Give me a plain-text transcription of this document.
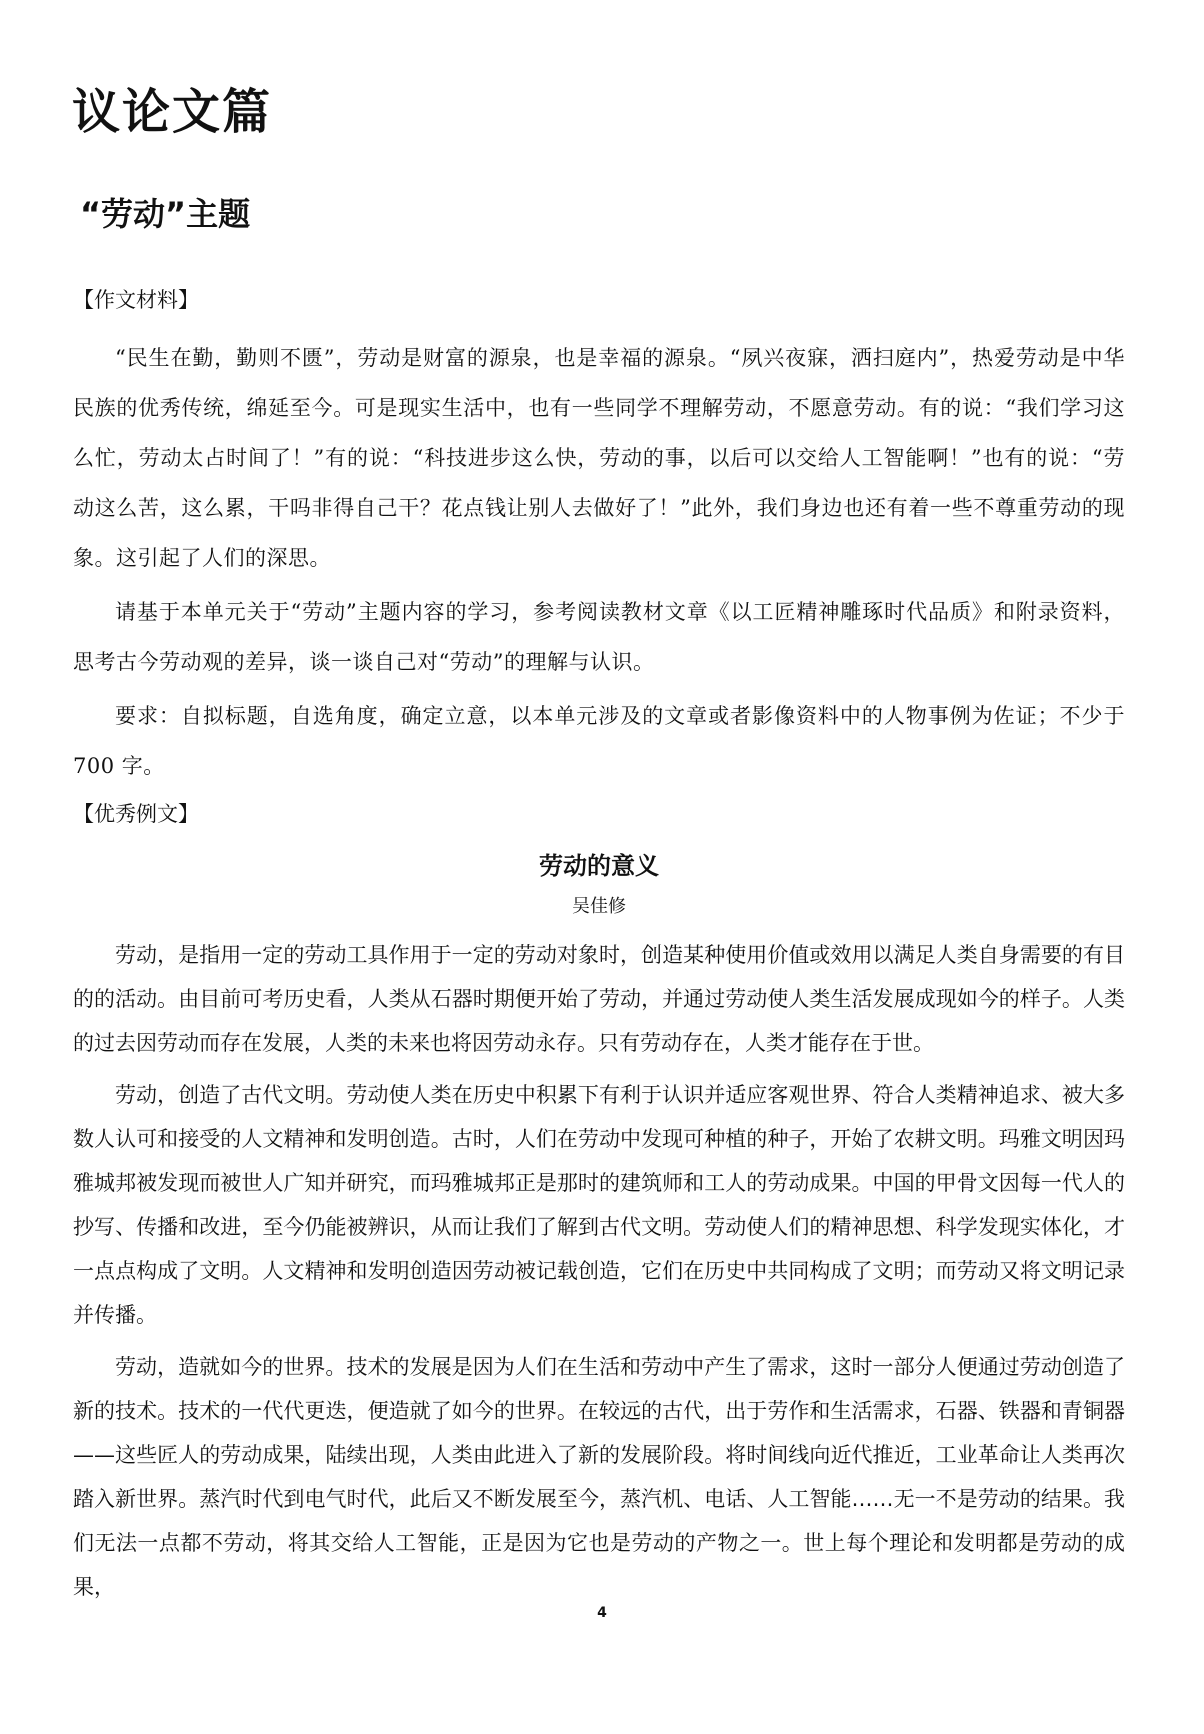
议论文篇
“劳动”主题

【作文材料】

“民生在勤，勤则不匮”，劳动是财富的源泉，也是幸福的源泉。“夙兴夜寐，洒扫庭内”，热爱劳动是中华民族的优秀传统，绵延至今。可是现实生活中，也有一些同学不理解劳动，不愿意劳动。有的说：“我们学习这么忙，劳动太占时间了！”有的说：“科技进步这么快，劳动的事，以后可以交给人工智能啊！”也有的说：“劳动这么苦，这么累，干吗非得自己干？花点钱让别人去做好了！”此外，我们身边也还有着一些不尊重劳动的现象。这引起了人们的深思。

请基于本单元关于“劳动”主题内容的学习，参考阅读教材文章《以工匠精神雕琢时代品质》和附录资料，思考古今劳动观的差异，谈一谈自己对“劳动”的理解与认识。

要求：自拟标题，自选角度，确定立意，以本单元涉及的文章或者影像资料中的人物事例为佐证；不少于 700 字。

【优秀例文】

劳动的意义

吴佳修

劳动，是指用一定的劳动工具作用于一定的劳动对象时，创造某种使用价值或效用以满足人类自身需要的有目的的活动。由目前可考历史看，人类从石器时期便开始了劳动，并通过劳动使人类生活发展成现如今的样子。人类的过去因劳动而存在发展，人类的未来也将因劳动永存。只有劳动存在，人类才能存在于世。

劳动，创造了古代文明。劳动使人类在历史中积累下有利于认识并适应客观世界、符合人类精神追求、被大多数人认可和接受的人文精神和发明创造。古时，人们在劳动中发现可种植的种子，开始了农耕文明。玛雅文明因玛雅城邦被发现而被世人广知并研究，而玛雅城邦正是那时的建筑师和工人的劳动成果。中国的甲骨文因每一代人的抄写、传播和改进，至今仍能被辨识，从而让我们了解到古代文明。劳动使人们的精神思想、科学发现实体化，才一点点构成了文明。人文精神和发明创造因劳动被记载创造，它们在历史中共同构成了文明；而劳动又将文明记录并传播。

劳动，造就如今的世界。技术的发展是因为人们在生活和劳动中产生了需求，这时一部分人便通过劳动创造了新的技术。技术的一代代更迭，便造就了如今的世界。在较远的古代，出于劳作和生活需求，石器、铁器和青铜器——这些匠人的劳动成果，陆续出现，人类由此进入了新的发展阶段。将时间线向近代推近，工业革命让人类再次踏入新世界。蒸汽时代到电气时代，此后又不断发展至今，蒸汽机、电话、人工智能……无一不是劳动的结果。我们无法一点都不劳动，将其交给人工智能，正是因为它也是劳动的产物之一。世上每个理论和发明都是劳动的成果，

4
